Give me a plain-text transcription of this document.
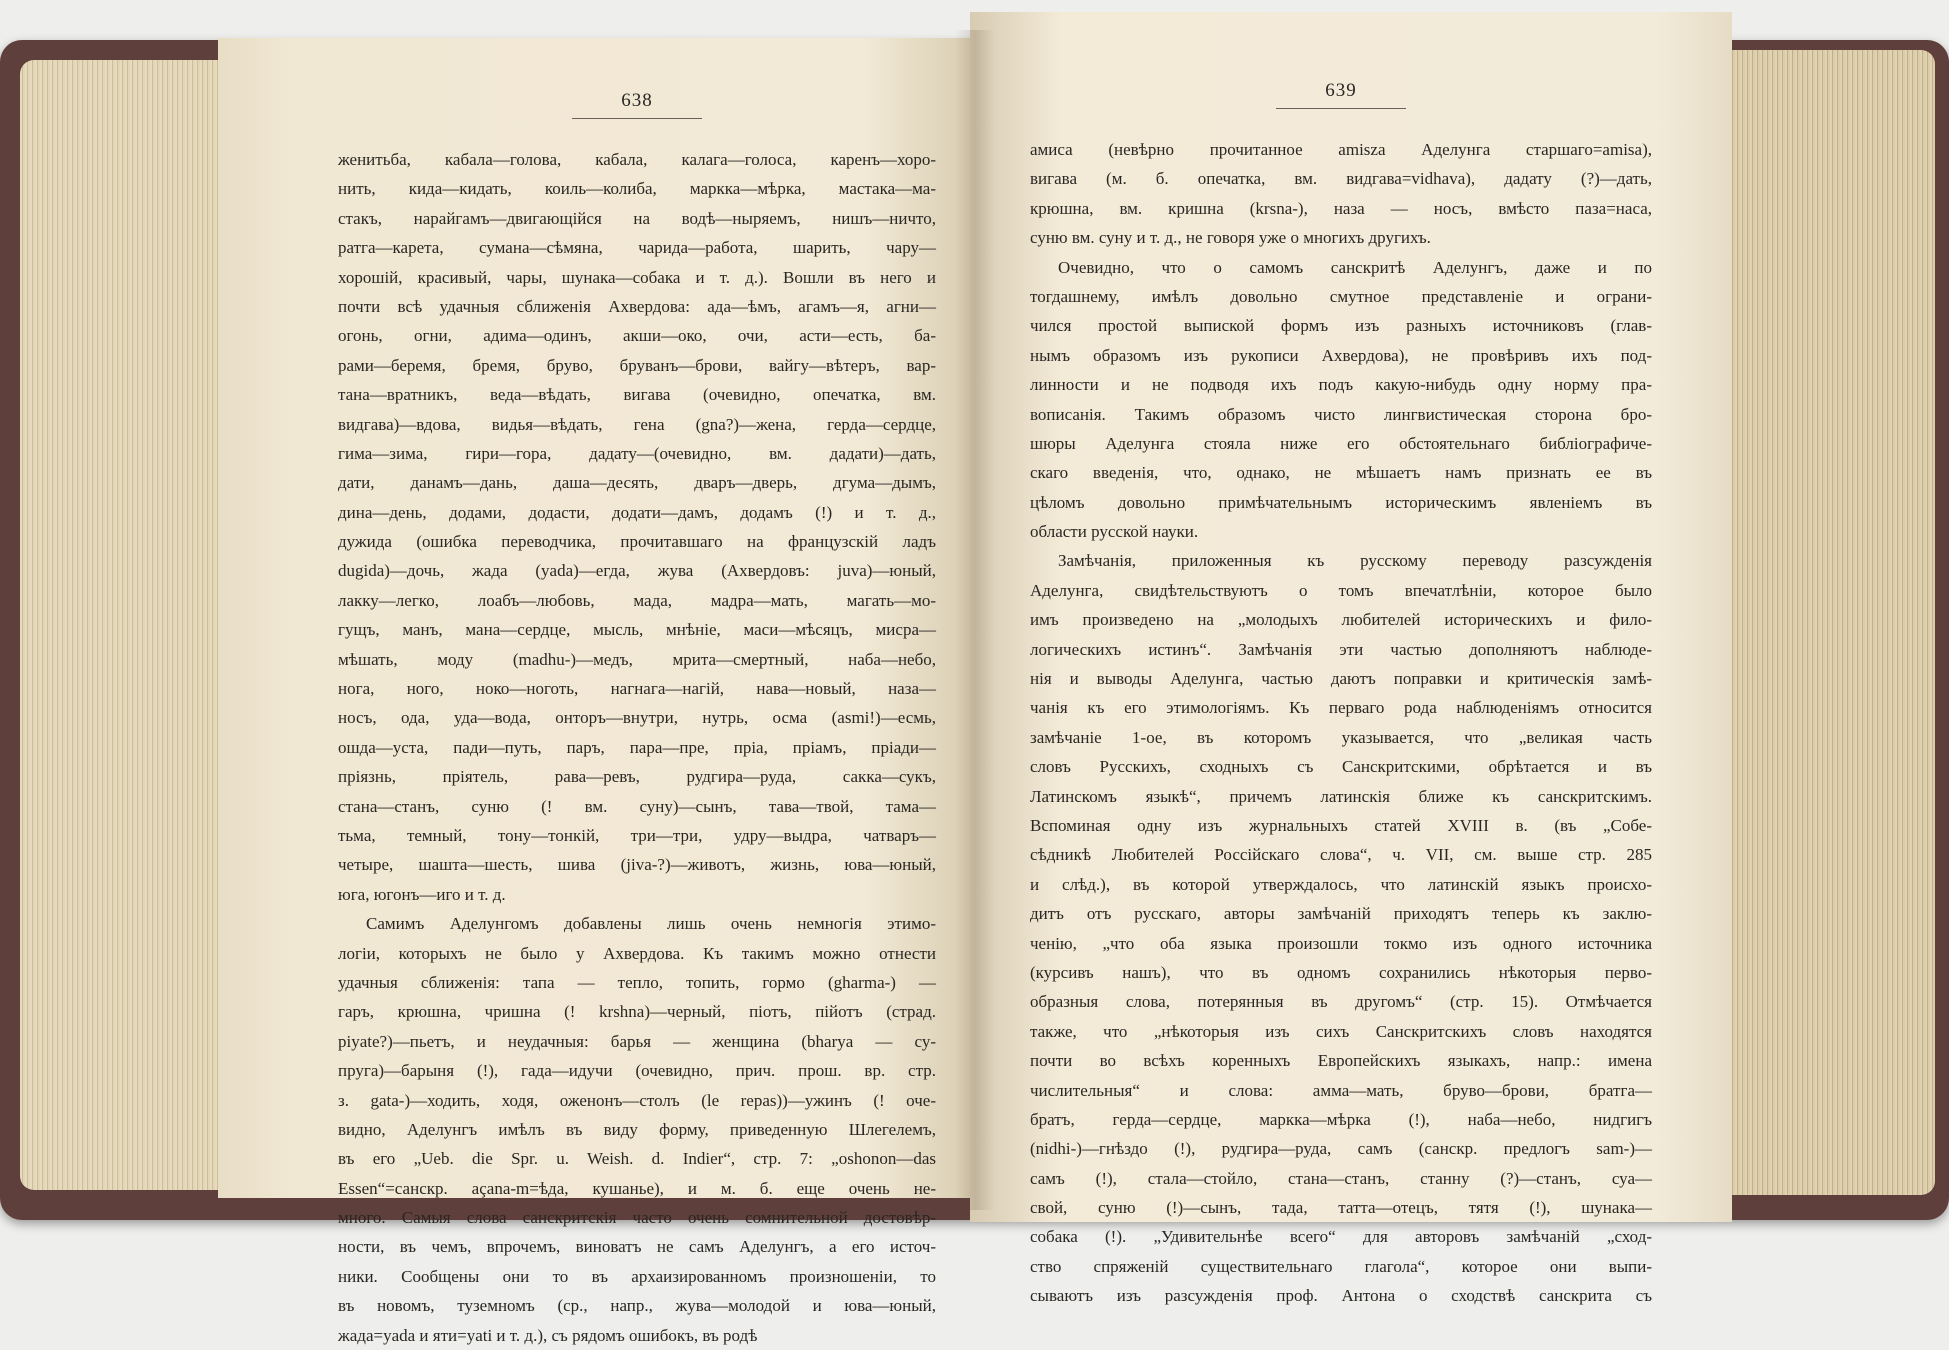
638
женитьба, кабала—голова, кабала, калага—голоса, каренъ—хоро-
нить, кида—кидать, коиль—колиба, маркка—мѣрка, мастака—ма-
стакъ, нарайгамъ—двигающійся на водѣ—ныряемъ, нишъ—ничто,
ратга—карета, сумана—сѣмяна, чарида—работа, шарить, чару—
хорошій, красивый, чары, шунака—собака и т. д.). Вошли въ него и
почти всѣ удачныя сближенія Ахвердова: ада—ѣмъ, агамъ—я, агни—
огонь, огни, адима—одинъ, акши—око, очи, асти—есть, ба-
рами—беремя, бремя, бруво, бруванъ—брови, вайгу—вѣтеръ, вар-
тана—вратникъ, веда—вѣдать, вигава (очевидно, опечатка, вм.
видгава)—вдова, видья—вѣдать, гена (gna?)—жена, герда—сердце,
гима—зима, гири—гора, дадату—(очевидно, вм. дадати)—дать,
дати, данамъ—дань, даша—десять, дваръ—дверь, дгума—дымъ,
дина—день, додами, додасти, додати—дамъ, додамъ (!) и т. д.,
дужида (ошибка переводчика, прочитавшаго на французскій ладъ
dugida)—дочь, жада (yada)—егда, жува (Ахвердовъ: juva)—юный,
лакку—легко, лоабъ—любовь, мада, мадра—мать, магать—мо-
гущъ, манъ, мана—сердце, мысль, мнѣніе, маси—мѣсяцъ, мисра—
мѣшать, моду (madhu-)—медъ, мрита—смертный, наба—небо,
нога, ного, ноко—ноготь, нагнага—нагій, нава—новый, наза—
носъ, ода, уда—вода, онторъ—внутри, нутрь, осма (asmi!)—есмь,
ошда—уста, пади—путь, паръ, пара—пре, пріа, пріамъ, пріади—
пріязнь, пріятель, рава—ревъ, рудгира—руда, сакка—сукъ,
стана—станъ, суню (! вм. суну)—сынъ, тава—твой, тама—
тьма, темный, тону—тонкій, три—три, удру—выдра, чатваръ—
четыре, шашта—шесть, шива (jiva-?)—животъ, жизнь, юва—юный,
юга, югонъ—иго и т. д.
Самимъ Аделунгомъ добавлены лишь очень немногія этимо-
логіи, которыхъ не было у Ахвердова. Къ такимъ можно отнести
удачныя сближенія: тапа — тепло, топить, гормо (gharma-) —
гаръ, крюшна, чришна (! krshna)—черный, піотъ, пійотъ (страд.
piyate?)—пьетъ, и неудачныя: барья — женщина (bharya — су-
пруга)—барыня (!), гада—идучи (очевидно, прич. прош. вр. стр.
з. gata-)—ходить, ходя, оженонъ—столъ (le repas))—ужинъ (! оче-
видно, Аделунгъ имѣлъ въ виду форму, приведенную Шлегелемъ,
въ его „Ueb. die Spr. u. Weish. d. Indier“, стр. 7: „oshonon—das
Essen“=санскр. açana-m=ѣда, кушанье), и м. б. еще очень не-
много. Самыя слова санскритскія часто очень сомнительной достовѣр-
ности, въ чемъ, впрочемъ, виноватъ не самъ Аделунгъ, а его источ-
ники. Сообщены они то въ архаизированномъ произношеніи, то
въ новомъ, туземномъ (ср., напр., жува—молодой и юва—юный,
жада=yada и яти=yati и т. д.), съ рядомъ ошибокъ, въ родѣ
639
амиса (невѣрно прочитанное amisza Аделунга старшаго=amisa),
вигава (м. б. опечатка, вм. видгава=vidhava), дадату (?)—дать,
крюшна, вм. кришна (krsna-), наза — носъ, вмѣсто паза=наса,
суню вм. суну и т. д., не говоря уже о многихъ другихъ.
Очевидно, что о самомъ санскритѣ Аделунгъ, даже и по
тогдашнему, имѣлъ довольно смутное представленіе и ограни-
чился простой выпиской формъ изъ разныхъ источниковъ (глав-
нымъ образомъ изъ рукописи Ахвердова), не провѣривъ ихъ под-
линности и не подводя ихъ подъ какую-нибудь одну норму пра-
вописанія. Такимъ образомъ чисто лингвистическая сторона бро-
шюры Аделунга стояла ниже его обстоятельнаго библіографиче-
скаго введенія, что, однако, не мѣшаетъ намъ признать ее въ
цѣломъ довольно примѣчательнымъ историческимъ явленіемъ въ
области русской науки.
Замѣчанія, приложенныя къ русскому переводу разсужденія
Аделунга, свидѣтельствуютъ о томъ впечатлѣніи, которое было
имъ произведено на „молодыхъ любителей историческихъ и фило-
логическихъ истинъ“. Замѣчанія эти частью дополняютъ наблюде-
нія и выводы Аделунга, частью даютъ поправки и критическія замѣ-
чанія къ его этимологіямъ. Къ перваго рода наблюденіямъ относится
замѣчаніе 1-ое, въ которомъ указывается, что „великая часть
словъ Русскихъ, сходныхъ съ Санскритскими, обрѣтается и въ
Латинскомъ языкѣ“, причемъ латинскія ближе къ санскритскимъ.
Вспоминая одну изъ журнальныхъ статей XVIII в. (въ „Собе-
сѣдникѣ Любителей Россійскаго слова“, ч. VII, см. выше стр. 285
и слѣд.), въ которой утверждалось, что латинскій языкъ происхо-
дитъ отъ русскаго, авторы замѣчаній приходятъ теперь къ заклю-
ченію, „что оба языка произошли токмо изъ одного источника
(курсивъ нашъ), что въ одномъ сохранились нѣкоторыя перво-
образныя слова, потерянныя въ другомъ“ (стр. 15). Отмѣчается
также, что „нѣкоторыя изъ сихъ Санскритскихъ словъ находятся
почти во всѣхъ коренныхъ Европейскихъ языкахъ, напр.: имена
числительныя“ и слова: амма—мать, бруво—брови, братга—
братъ, герда—сердце, маркка—мѣрка (!), наба—небо, нидгигъ
(nidhi-)—гнѣздо (!), рудгира—руда, самъ (санскр. предлогъ sam-)—
самъ (!), стала—стойло, стана—станъ, станну (?)—станъ, суа—
свой, суню (!)—сынъ, тада, татта—отецъ, тятя (!), шунака—
собака (!). „Удивительнѣе всего“ для авторовъ замѣчаній „сход-
ство спряженій существительнаго глагола“, которое они выпи-
сываютъ изъ разсужденія проф. Антона о сходствѣ санскрита съ
